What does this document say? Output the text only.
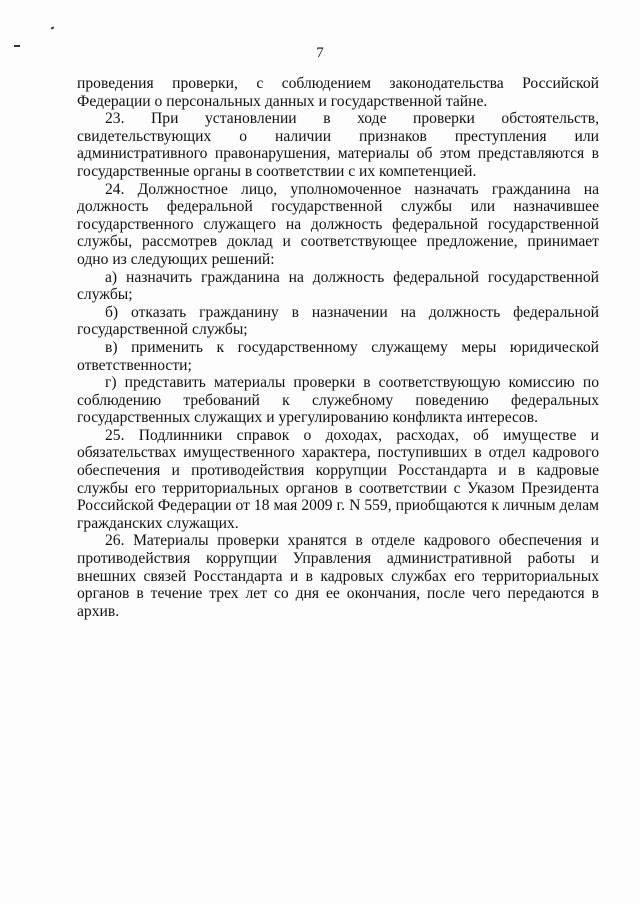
7

проведения проверки, с соблюдением законодательства Российской Федерации о персональных данных и государственной тайне.

23. При установлении в ходе проверки обстоятельств, свидетельствующих о наличии признаков преступления или административного правонарушения, материалы об этом представляются в государственные органы в соответствии с их компетенцией.

24. Должностное лицо, уполномоченное назначать гражданина на должность федеральной государственной службы или назначившее государственного служащего на должность федеральной государственной службы, рассмотрев доклад и соответствующее предложение, принимает одно из следующих решений:

а) назначить гражданина на должность федеральной государственной службы;

б) отказать гражданину в назначении на должность федеральной государственной службы;

в) применить к государственному служащему меры юридической ответственности;

г) представить материалы проверки в соответствующую комиссию по соблюдению требований к служебному поведению федеральных государственных служащих и урегулированию конфликта интересов.

25. Подлинники справок о доходах, расходах, об имуществе и обязательствах имущественного характера, поступивших в отдел кадрового обеспечения и противодействия коррупции Росстандарта и в кадровые службы его территориальных органов в соответствии с Указом Президента Российской Федерации от 18 мая 2009 г. N 559, приобщаются к личным делам гражданских служащих.

26. Материалы проверки хранятся в отделе кадрового обеспечения и противодействия коррупции Управления административной работы и внешних связей Росстандарта и в кадровых службах его территориальных органов в течение трех лет со дня ее окончания, после чего передаются в архив.
